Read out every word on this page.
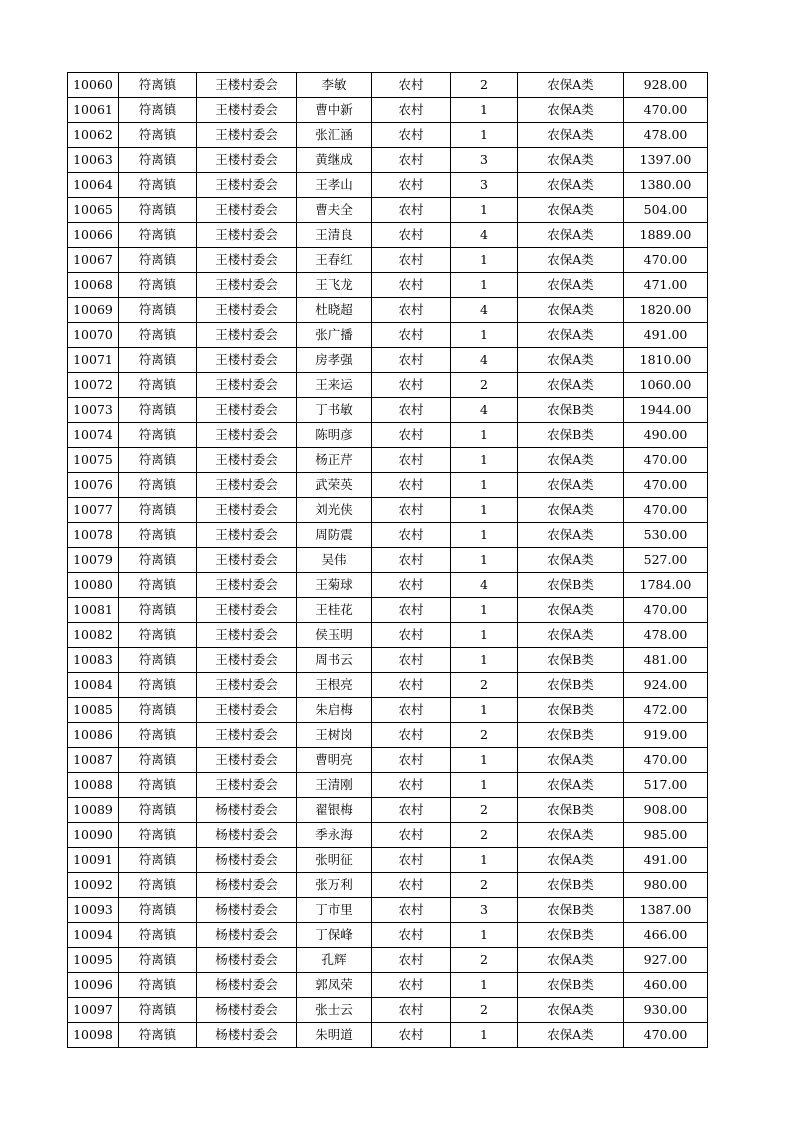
10060	符离镇	王楼村委会	李敏	农村	2	农保A类	928.00
10061	符离镇	王楼村委会	曹中新	农村	1	农保A类	470.00
10062	符离镇	王楼村委会	张汇涵	农村	1	农保A类	478.00
10063	符离镇	王楼村委会	黄继成	农村	3	农保A类	1397.00
10064	符离镇	王楼村委会	王孝山	农村	3	农保A类	1380.00
10065	符离镇	王楼村委会	曹夫全	农村	1	农保A类	504.00
10066	符离镇	王楼村委会	王清良	农村	4	农保A类	1889.00
10067	符离镇	王楼村委会	王春红	农村	1	农保A类	470.00
10068	符离镇	王楼村委会	王飞龙	农村	1	农保A类	471.00
10069	符离镇	王楼村委会	杜晓超	农村	4	农保A类	1820.00
10070	符离镇	王楼村委会	张广播	农村	1	农保A类	491.00
10071	符离镇	王楼村委会	房孝强	农村	4	农保A类	1810.00
10072	符离镇	王楼村委会	王来运	农村	2	农保A类	1060.00
10073	符离镇	王楼村委会	丁书敏	农村	4	农保B类	1944.00
10074	符离镇	王楼村委会	陈明彦	农村	1	农保B类	490.00
10075	符离镇	王楼村委会	杨正芹	农村	1	农保A类	470.00
10076	符离镇	王楼村委会	武荣英	农村	1	农保A类	470.00
10077	符离镇	王楼村委会	刘光侠	农村	1	农保A类	470.00
10078	符离镇	王楼村委会	周防震	农村	1	农保A类	530.00
10079	符离镇	王楼村委会	吴伟	农村	1	农保A类	527.00
10080	符离镇	王楼村委会	王菊球	农村	4	农保B类	1784.00
10081	符离镇	王楼村委会	王桂花	农村	1	农保A类	470.00
10082	符离镇	王楼村委会	侯玉明	农村	1	农保A类	478.00
10083	符离镇	王楼村委会	周书云	农村	1	农保B类	481.00
10084	符离镇	王楼村委会	王根亮	农村	2	农保B类	924.00
10085	符离镇	王楼村委会	朱启梅	农村	1	农保B类	472.00
10086	符离镇	王楼村委会	王树岗	农村	2	农保B类	919.00
10087	符离镇	王楼村委会	曹明亮	农村	1	农保A类	470.00
10088	符离镇	王楼村委会	王清刚	农村	1	农保A类	517.00
10089	符离镇	杨楼村委会	翟银梅	农村	2	农保B类	908.00
10090	符离镇	杨楼村委会	季永海	农村	2	农保A类	985.00
10091	符离镇	杨楼村委会	张明征	农村	1	农保A类	491.00
10092	符离镇	杨楼村委会	张万利	农村	2	农保B类	980.00
10093	符离镇	杨楼村委会	丁市里	农村	3	农保B类	1387.00
10094	符离镇	杨楼村委会	丁保峰	农村	1	农保B类	466.00
10095	符离镇	杨楼村委会	孔辉	农村	2	农保A类	927.00
10096	符离镇	杨楼村委会	郭凤荣	农村	1	农保B类	460.00
10097	符离镇	杨楼村委会	张士云	农村	2	农保A类	930.00
10098	符离镇	杨楼村委会	朱明道	农村	1	农保A类	470.00
